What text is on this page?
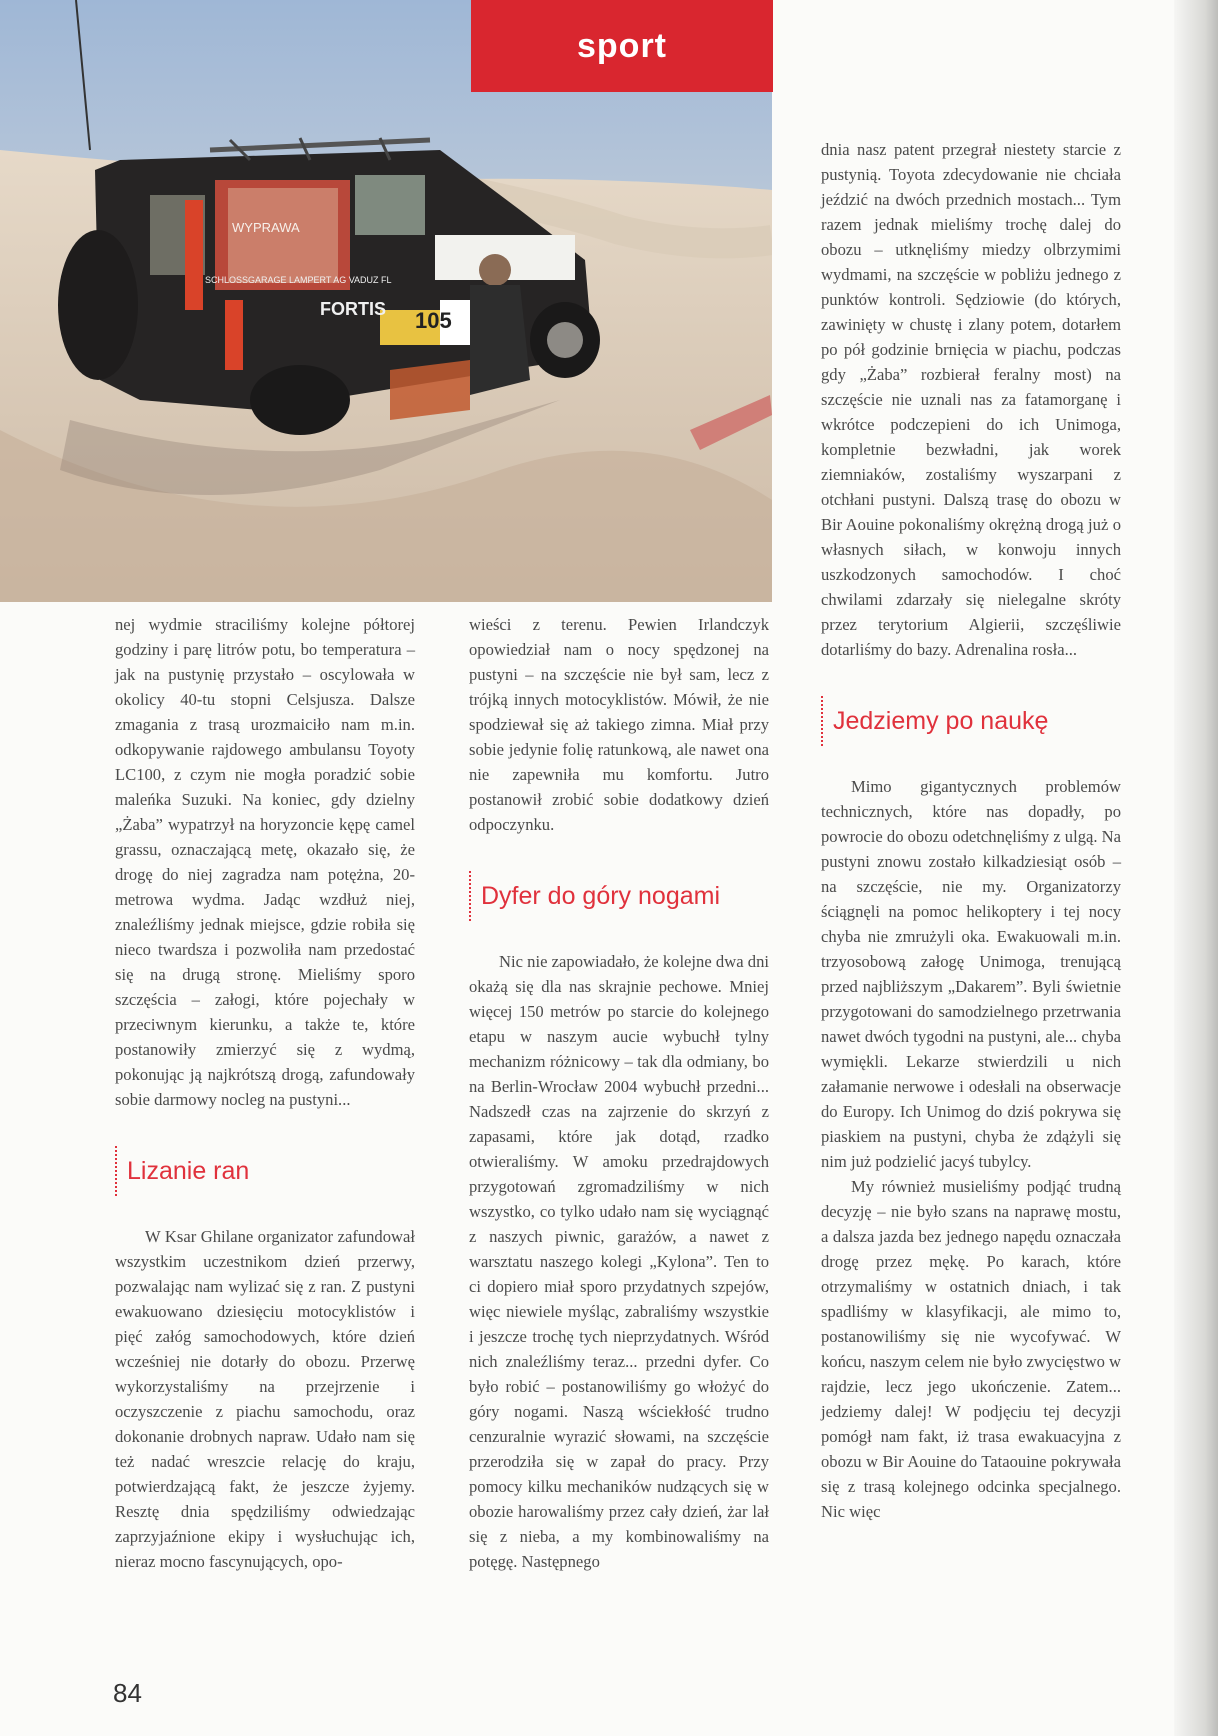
105
WYPRAWA
SCHLOSSGARAGE LAMPERT AG VADUZ FL
FORTIS
sport

nej wydmie straciliśmy kolejne półtorej godziny i parę litrów potu, bo temperatura – jak na pustynię przystało – oscylowała w okolicy 40-tu stopni Celsjusza. Dalsze zmagania z trasą urozmaiciło nam m.in. odkopywanie rajdowego ambulansu Toyoty LC100, z czym nie mogła poradzić sobie maleńka Suzuki. Na koniec, gdy dzielny „Żaba” wypatrzył na horyzoncie kępę camel grassu, oznaczającą metę, okazało się, że drogę do niej zagradza nam potężna, 20-metrowa wydma. Jadąc wzdłuż niej, znaleźliśmy jednak miejsce, gdzie robiła się nieco twardsza i pozwoliła nam przedostać się na drugą stronę. Mieliśmy sporo szczęścia – załogi, które pojechały w przeciwnym kierunku, a także te, które postanowiły zmierzyć się z wydmą, pokonując ją najkrótszą drogą, zafundowały sobie darmowy nocleg na pustyni...

Lizanie ran

W Ksar Ghilane organizator zafundował wszystkim uczestnikom dzień przerwy, pozwalając nam wylizać się z ran. Z pustyni ewakuowano dziesięciu motocyklistów i pięć załóg samochodowych, które dzień wcześniej nie dotarły do obozu. Przerwę wykorzystaliśmy na przejrzenie i oczyszczenie z piachu samochodu, oraz dokonanie drobnych napraw. Udało nam się też nadać wreszcie relację do kraju, potwierdzającą fakt, że jeszcze żyjemy. Resztę dnia spędziliśmy odwiedzając zaprzyjaźnione ekipy i wysłuchując ich, nieraz mocno fascynujących, opo-

wieści z terenu. Pewien Irlandczyk opowiedział nam o nocy spędzonej na pustyni – na szczęście nie był sam, lecz z trójką innych motocyklistów. Mówił, że nie spodziewał się aż takiego zimna. Miał przy sobie jedynie folię ratunkową, ale nawet ona nie zapewniła mu komfortu. Jutro postanowił zrobić sobie dodatkowy dzień odpoczynku.

Dyfer do góry nogami

Nic nie zapowiadało, że kolejne dwa dni okażą się dla nas skrajnie pechowe. Mniej więcej 150 metrów po starcie do kolejnego etapu w naszym aucie wybuchł tylny mechanizm różnicowy – tak dla odmiany, bo na Berlin-Wrocław 2004 wybuchł przedni... Nadszedł czas na zajrzenie do skrzyń z zapasami, które jak dotąd, rzadko otwieraliśmy. W amoku przedrajdowych przygotowań zgromadziliśmy w nich wszystko, co tylko udało nam się wyciągnąć z naszych piwnic, garażów, a nawet z warsztatu naszego kolegi „Kylona”. Ten to ci dopiero miał sporo przydatnych szpejów, więc niewiele myśląc, zabraliśmy wszystkie i jeszcze trochę tych nieprzydatnych. Wśród nich znaleźliśmy teraz... przedni dyfer. Co było robić – postanowiliśmy go włożyć do góry nogami. Naszą wściekłość trudno cenzuralnie wyrazić słowami, na szczęście przerodziła się w zapał do pracy. Przy pomocy kilku mechaników nudzących się w obozie harowaliśmy przez cały dzień, żar lał się z nieba, a my kombinowaliśmy na potęgę. Następnego

dnia nasz patent przegrał niestety starcie z pustynią. Toyota zdecydowanie nie chciała jeździć na dwóch przednich mostach... Tym razem jednak mieliśmy trochę dalej do obozu – utknęliśmy miedzy olbrzymimi wydmami, na szczęście w pobliżu jednego z punktów kontroli. Sędziowie (do których, zawinięty w chustę i zlany potem, dotarłem po pół godzinie brnięcia w piachu, podczas gdy „Żaba” rozbierał feralny most) na szczęście nie uznali nas za fatamorganę i wkrótce podczepieni do ich Unimoga, kompletnie bezwładni, jak worek ziemniaków, zostaliśmy wyszarpani z otchłani pustyni. Dalszą trasę do obozu w Bir Aouine pokonaliśmy okrężną drogą już o własnych siłach, w konwoju innych uszkodzonych samochodów. I choć chwilami zdarzały się nielegalne skróty przez terytorium Algierii, szczęśliwie dotarliśmy do bazy. Adrenalina rosła...

Jedziemy po naukę

Mimo gigantycznych problemów technicznych, które nas dopadły, po powrocie do obozu odetchnęliśmy z ulgą. Na pustyni znowu zostało kilkadziesiąt osób – na szczęście, nie my. Organizatorzy ściągnęli na pomoc helikoptery i tej nocy chyba nie zmrużyli oka. Ewakuowali m.in. trzyosobową załogę Unimoga, trenującą przed najbliższym „Dakarem”. Byli świetnie przygotowani do samodzielnego przetrwania nawet dwóch tygodni na pustyni, ale... chyba wymiękli. Lekarze stwierdzili u nich załamanie nerwowe i odesłali na obserwacje do Europy. Ich Unimog do dziś pokrywa się piaskiem na pustyni, chyba że zdążyli się nim już podzielić jacyś tubylcy.

My również musieliśmy podjąć trudną decyzję – nie było szans na naprawę mostu, a dalsza jazda bez jednego napędu oznaczała drogę przez mękę. Po karach, które otrzymaliśmy w ostatnich dniach, i tak spadliśmy w klasyfikacji, ale mimo to, postanowiliśmy się nie wycofywać. W końcu, naszym celem nie było zwycięstwo w rajdzie, lecz jego ukończenie. Zatem... jedziemy dalej! W podjęciu tej decyzji pomógł nam fakt, iż trasa ewakuacyjna z obozu w Bir Aouine do Tataouine pokrywała się z trasą kolejnego odcinka specjalnego. Nic więc

84
